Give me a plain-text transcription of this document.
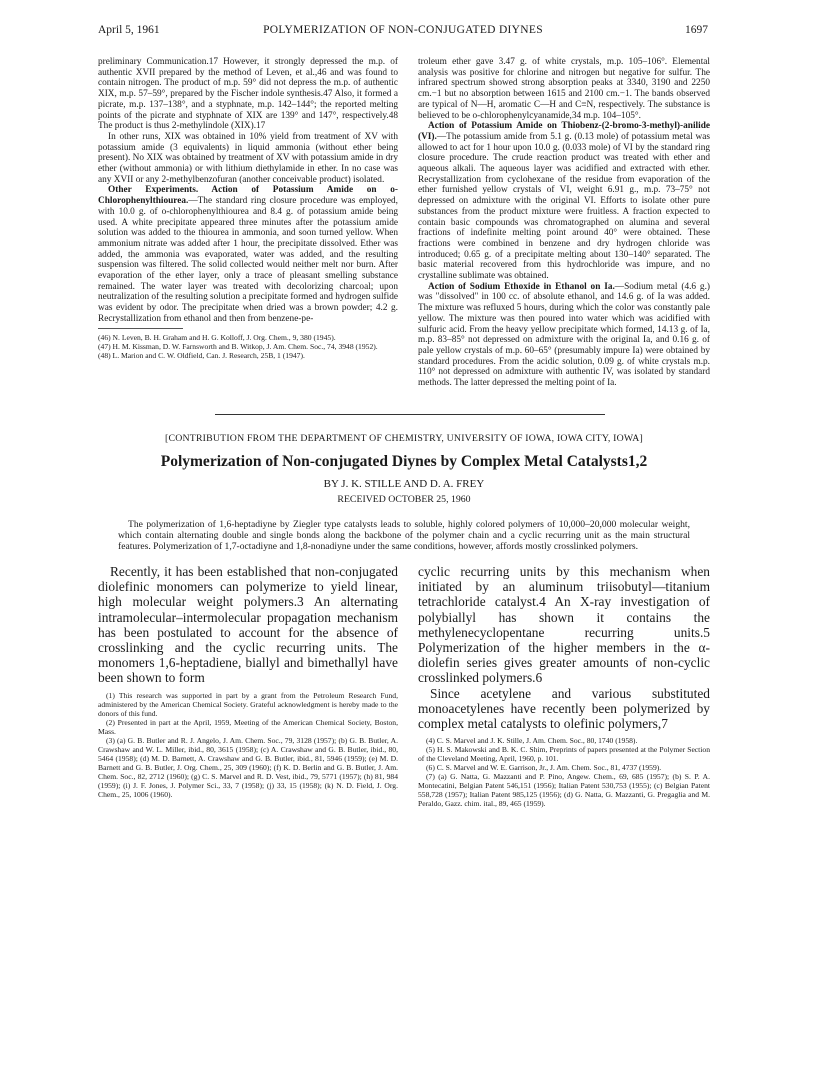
April 5, 1961	POLYMERIZATION OF NON-CONJUGATED DIYNES	1697

preliminary Communication.17 However, it strongly depressed the m.p. of authentic XVII prepared by the method of Leven, et al.,46 and was found to contain nitrogen. The product of m.p. 59° did not depress the m.p. of authentic XIX, m.p. 57–59°, prepared by the Fischer indole synthesis.47 Also, it formed a picrate, m.p. 137–138°, and a styphnate, m.p. 142–144°; the reported melting points of the picrate and styphnate of XIX are 139° and 147°, respectively.48 The product is thus 2-methylindole (XIX).17

In other runs, XIX was obtained in 10% yield from treatment of XV with potassium amide (3 equivalents) in liquid ammonia (without ether being present). No XIX was obtained by treatment of XV with potassium amide in dry ether (without ammonia) or with lithium diethylamide in ether. In no case was any XVII or any 2-methylbenzofuran (another conceivable product) isolated.

Other Experiments. Action of Potassium Amide on o-Chlorophenylthiourea.—The standard ring closure procedure was employed, with 10.0 g. of o-chlorophenylthiourea and 8.4 g. of potassium amide being used. A white precipitate appeared three minutes after the potassium amide solution was added to the thiourea in ammonia, and soon turned yellow. When ammonium nitrate was added after 1 hour, the precipitate dissolved. Ether was added, the ammonia was evaporated, water was added, and the resulting suspension was filtered. The solid collected would neither melt nor burn. After evaporation of the ether layer, only a trace of pleasant smelling substance remained. The water layer was treated with decolorizing charcoal; upon neutralization of the resulting solution a precipitate formed and hydrogen sulfide was evident by odor. The precipitate when dried was a brown powder; 4.2 g. Recrystallization from ethanol and then from benzene-pe-

(46) N. Leven, B. H. Graham and H. G. Kolloff, J. Org. Chem., 9, 380 (1945).

(47) H. M. Kissman, D. W. Farnsworth and B. Witkop, J. Am. Chem. Soc., 74, 3948 (1952).

(48) L. Marion and C. W. Oldfield, Can. J. Research, 25B, 1 (1947).

troleum ether gave 3.47 g. of white crystals, m.p. 105–106°. Elemental analysis was positive for chlorine and nitrogen but negative for sulfur. The infrared spectrum showed strong absorption peaks at 3340, 3190 and 2250 cm.−1 but no absorption between 1615 and 2100 cm.−1. The bands observed are typical of N—H, aromatic C—H and C≡N, respectively. The substance is believed to be o-chlorophenylcyanamide,34 m.p. 104–105°.

Action of Potassium Amide on Thiobenz-(2-bromo-3-methyl)-anilide (VI).—The potassium amide from 5.1 g. (0.13 mole) of potassium metal was allowed to act for 1 hour upon 10.0 g. (0.033 mole) of VI by the standard ring closure procedure. The crude reaction product was treated with ether and aqueous alkali. The aqueous layer was acidified and extracted with ether. Recrystallization from cyclohexane of the residue from evaporation of the ether furnished yellow crystals of VI, weight 6.91 g., m.p. 73–75° not depressed on admixture with the original VI. Efforts to isolate other pure substances from the product mixture were fruitless. A fraction expected to contain basic compounds was chromatographed on alumina and several fractions of indefinite melting point around 40° were obtained. These fractions were combined in benzene and dry hydrogen chloride was introduced; 0.65 g. of a precipitate melting about 130–140° separated. The basic material recovered from this hydrochloride was impure, and no crystalline sublimate was obtained.

Action of Sodium Ethoxide in Ethanol on Ia.—Sodium metal (4.6 g.) was "dissolved" in 100 cc. of absolute ethanol, and 14.6 g. of Ia was added. The mixture was refluxed 5 hours, during which the color was constantly pale yellow. The mixture was then poured into water which was acidified with sulfuric acid. From the heavy yellow precipitate which formed, 14.13 g. of Ia, m.p. 83–85° not depressed on admixture with the original Ia, and 0.16 g. of pale yellow crystals of m.p. 60–65° (presumably impure Ia) were obtained by standard procedures. From the acidic solution, 0.09 g. of white crystals m.p. 110° not depressed on admixture with authentic IV, was isolated by standard methods. The latter depressed the melting point of Ia.

[CONTRIBUTION FROM THE DEPARTMENT OF CHEMISTRY, UNIVERSITY OF IOWA, IOWA CITY, IOWA]
Polymerization of Non-conjugated Diynes by Complex Metal Catalysts1,2
BY J. K. STILLE AND D. A. FREY
RECEIVED OCTOBER 25, 1960
The polymerization of 1,6-heptadiyne by Ziegler type catalysts leads to soluble, highly colored polymers of 10,000–20,000 molecular weight, which contain alternating double and single bonds along the backbone of the polymer chain and a cyclic recurring unit as the main structural features. Polymerization of 1,7-octadiyne and 1,8-nonadiyne under the same conditions, however, affords mostly crosslinked polymers.

Recently, it has been established that non-conjugated diolefinic monomers can polymerize to yield linear, high molecular weight polymers.3 An alternating intramolecular–intermolecular propagation mechanism has been postulated to account for the absence of crosslinking and the cyclic recurring units. The monomers 1,6-heptadiene, biallyl and bimethallyl have been shown to form

(1) This research was supported in part by a grant from the Petroleum Research Fund, administered by the American Chemical Society. Grateful acknowledgment is hereby made to the donors of this fund.

(2) Presented in part at the April, 1959, Meeting of the American Chemical Society, Boston, Mass.

(3) (a) G. B. Butler and R. J. Angelo, J. Am. Chem. Soc., 79, 3128 (1957); (b) G. B. Butler, A. Crawshaw and W. L. Miller, ibid., 80, 3615 (1958); (c) A. Crawshaw and G. B. Butler, ibid., 80, 5464 (1958); (d) M. D. Barnett, A. Crawshaw and G. B. Butler, ibid., 81, 5946 (1959); (e) M. D. Barnett and G. B. Butler, J. Org. Chem., 25, 309 (1960); (f) K. D. Berlin and G. B. Butler, J. Am. Chem. Soc., 82, 2712 (1960); (g) C. S. Marvel and R. D. Vest, ibid., 79, 5771 (1957); (h) 81, 984 (1959); (i) J. F. Jones, J. Polymer Sci., 33, 7 (1958); (j) 33, 15 (1958); (k) N. D. Field, J. Org. Chem., 25, 1006 (1960).

cyclic recurring units by this mechanism when initiated by an aluminum triisobutyl—titanium tetrachloride catalyst.4 An X-ray investigation of polybiallyl has shown it contains the methylenecyclopentane recurring units.5 Polymerization of the higher members in the α-diolefin series gives greater amounts of non-cyclic crosslinked polymers.6

Since acetylene and various substituted monoacetylenes have recently been polymerized by complex metal catalysts to olefinic polymers,7

(4) C. S. Marvel and J. K. Stille, J. Am. Chem. Soc., 80, 1740 (1958).

(5) H. S. Makowski and B. K. C. Shim, Preprints of papers presented at the Polymer Section of the Cleveland Meeting, April, 1960, p. 101.

(6) C. S. Marvel and W. E. Garrison, Jr., J. Am. Chem. Soc., 81, 4737 (1959).

(7) (a) G. Natta, G. Mazzanti and P. Pino, Angew. Chem., 69, 685 (1957); (b) S. P. A. Montecatini, Belgian Patent 546,151 (1956); Italian Patent 530,753 (1955); (c) Belgian Patent 558,728 (1957); Italian Patent 985,125 (1956); (d) G. Natta, G. Mazzanti, G. Pregaglia and M. Peraldo, Gazz. chim. ital., 89, 465 (1959).
